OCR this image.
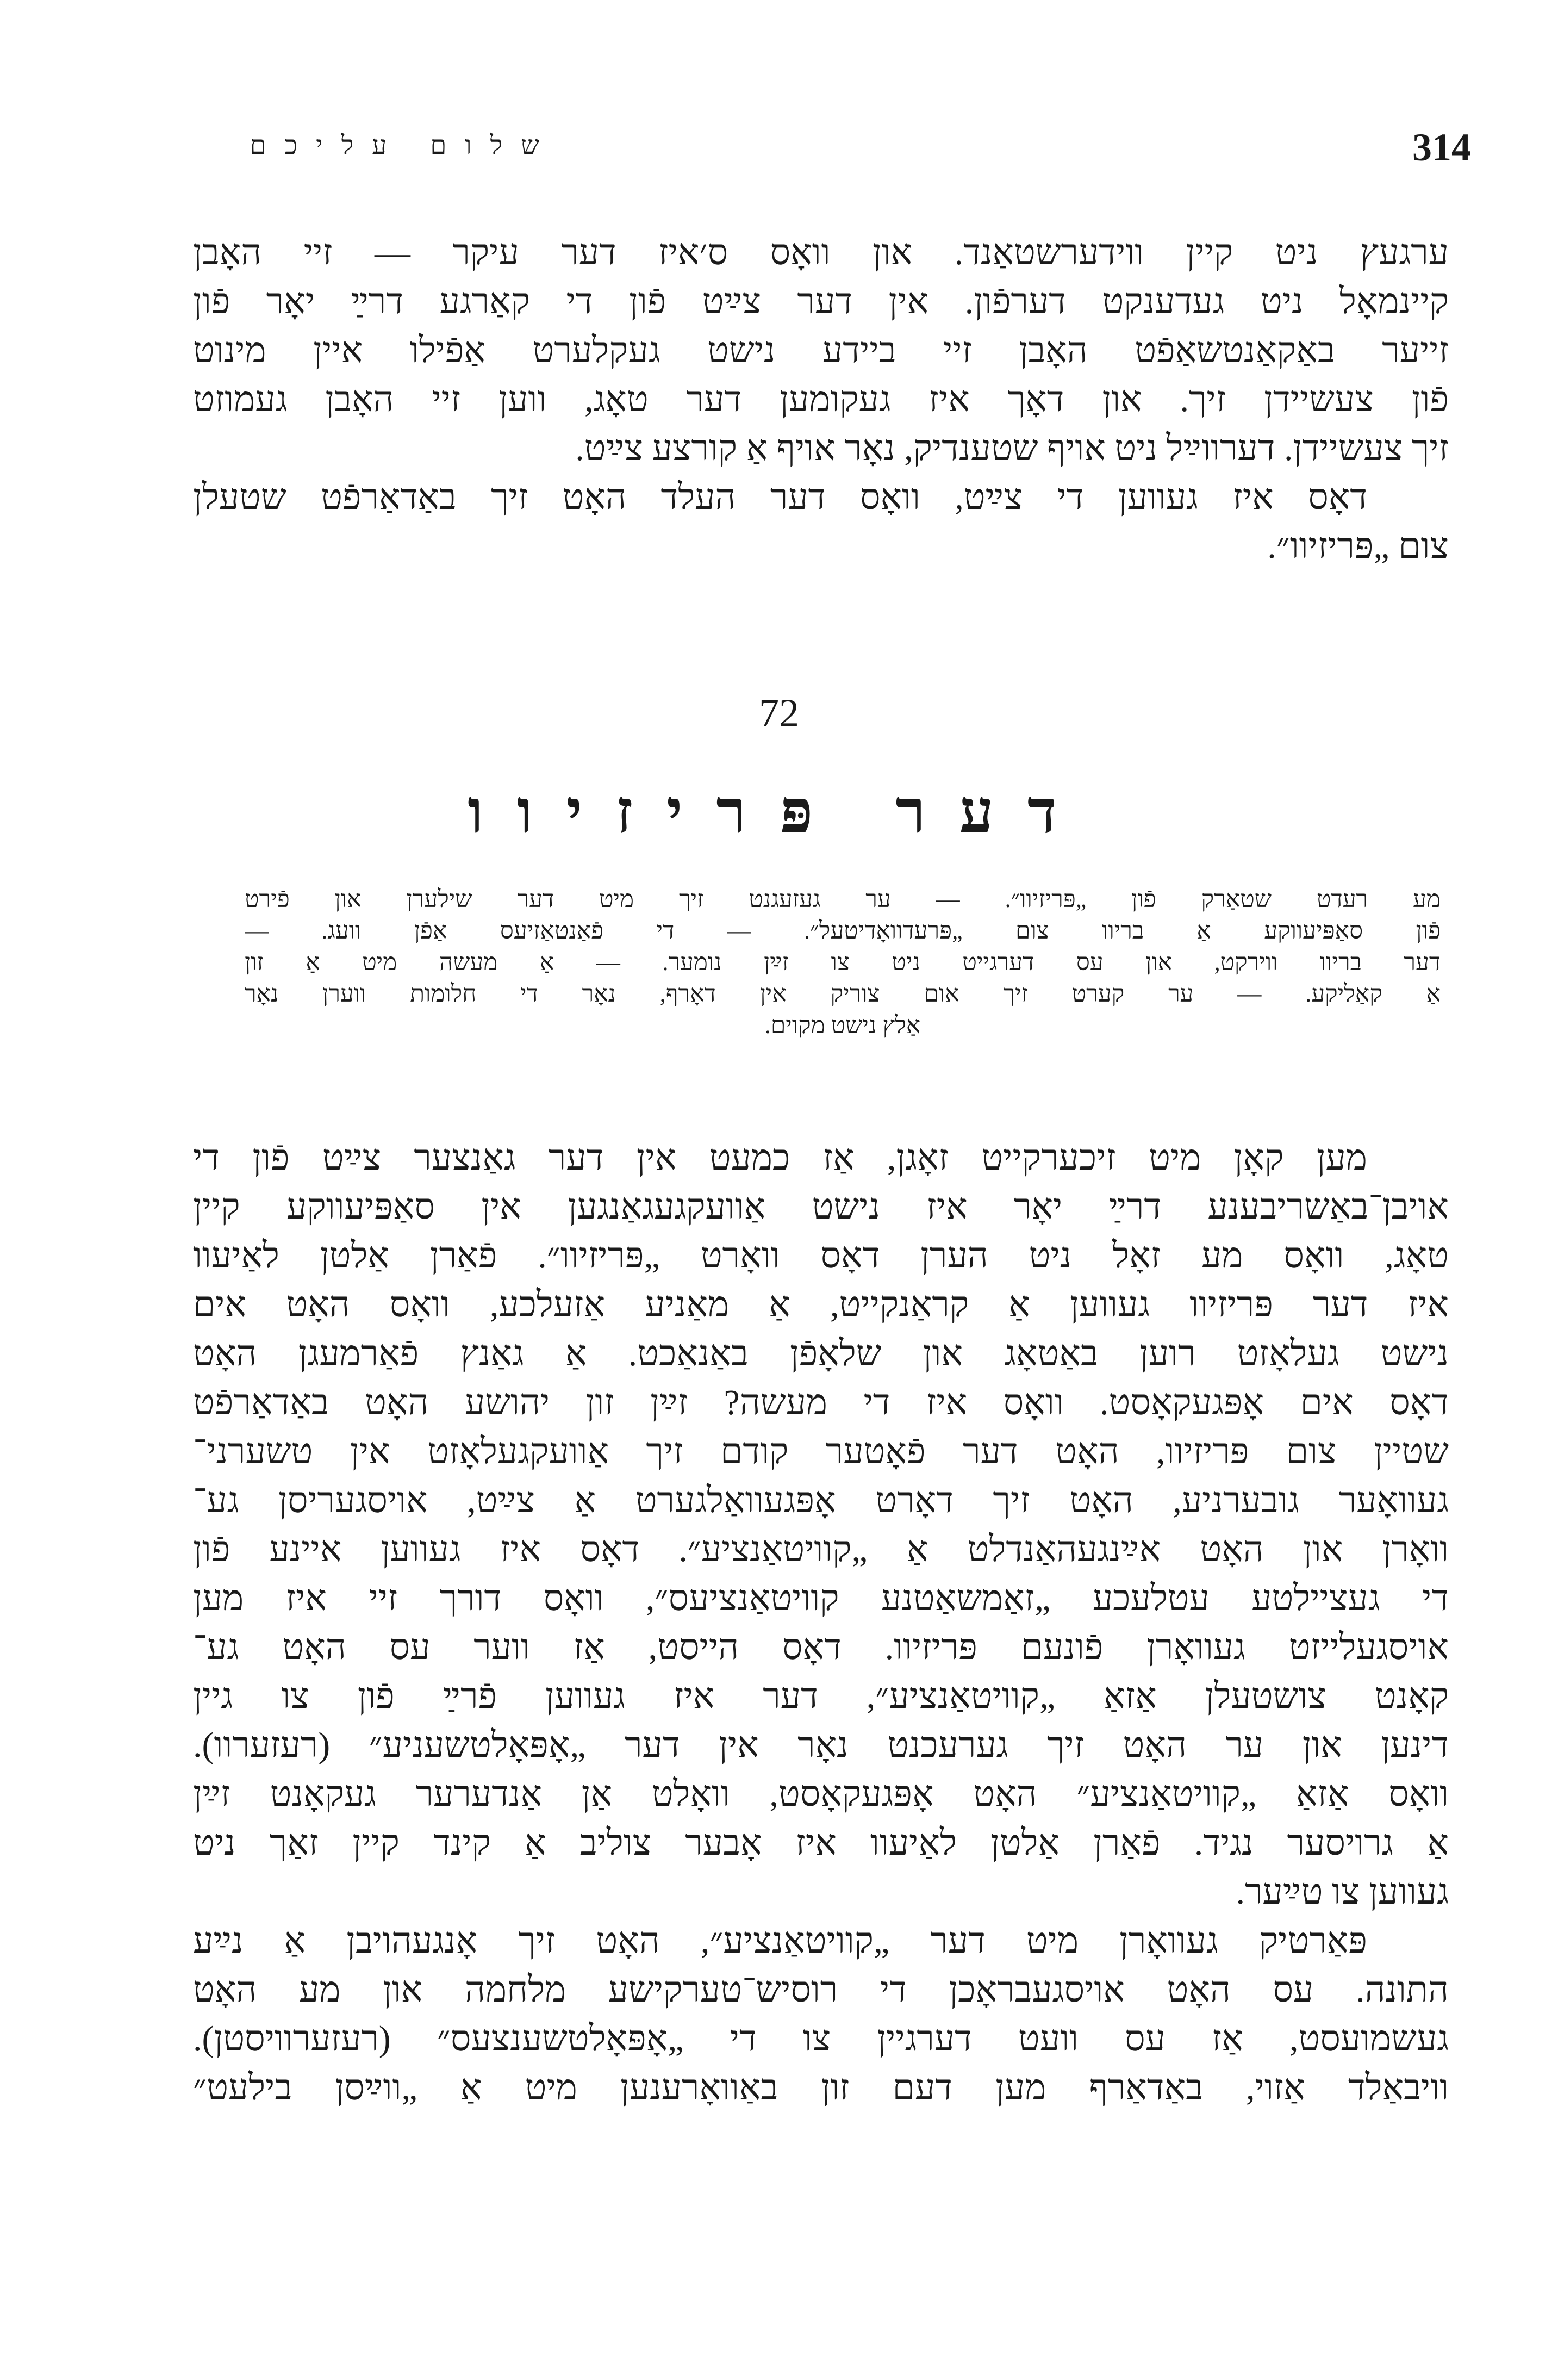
שלום עליכם	314
ערגעץ ניט קיין ווידערשטאַנד. און וואָס ס׳איז דער עיקר — זיי האָבן
קיינמאָל ניט געדענקט דערפֿון. אין דער צײַט פֿון די קאַרגע דרײַ יאָר פֿון
זייער באַקאַנטשאַפֿט האָבן זיי ביידע נישט געקלערט אַפֿילו איין מינוט
פֿון צעשיידן זיך. און דאָך איז געקומען דער טאָג, ווען זיי האָבן געמוזט
זיך צעשיידן. דערווײַל ניט אויף שטענדיק, נאָר אויף אַ קורצע צײַט.
דאָס איז געווען די צײַט, וואָס דער העלד האָט זיך באַדאַרפֿט שטעלן
צום „פּריזיוו״.
72
דער פּריזיוו
מע רעדט שטאַרק פֿון „פּריזיוו״. — ער געזעגנט זיך מיט דער שילערן און פֿירט
פֿון סאַפּיעווקע אַ בריוו צום „פּרעדוואָדיטעל״. — די פֿאַנטאַזיעס אַפֿן וועג. —
דער בריוו ווירקט, און עס דערגייט ניט צו זײַן נומער. — אַ מעשה מיט אַ זון
אַ קאַליקע. — ער קערט זיך אום צוריק אין דאָרף, נאָר די חלומות ווערן נאָר
אַלץ נישט מקוים.
מען קאָן מיט זיכערקייט זאָגן, אַז כמעט אין דער גאַנצער צײַט פֿון די
אויבן־באַשריבענע דרײַ יאָר איז נישט אַוועקגעגאַנגען אין סאַפּיעווקע קיין
טאָג, וואָס מע זאָל ניט הערן דאָס וואָרט „פּריזיוו״. פֿאַרן אַלטן לאַיעוו
איז דער פּריזיוו געווען אַ קראַנקייט, אַ מאַניע אַזעלכע, וואָס האָט אים
נישט געלאָזט רוען באַטאָג און שלאָפֿן באַנאַכט. אַ גאַנץ פֿאַרמעגן האָט
דאָס אים אָפּגעקאָסט. וואָס איז די מעשה? זײַן זון יהושע האָט באַדאַרפֿט
שטיין צום פּריזיוו, האָט דער פֿאָטער קודם זיך אַוועקגעלאָזט אין טשערני־
געוואָער גובערניע, האָט זיך דאָרט אָפּגעוואַלגערט אַ צײַט, אויסגעריסן גע־
וואָרן און האָט אײַנגעהאַנדלט אַ „קוויטאַנציע״. דאָס איז געווען איינע פֿון
די געציילטע עטלעכע „זאַמשאַטנע קוויטאַנציעס״, וואָס דורך זיי איז מען
אויסגעלייזט געוואָרן פֿונעם פּריזיוו. דאָס הייסט, אַז ווער עס האָט גע־
קאָנט צושטעלן אַזאַ „קוויטאַנציע״, דער איז געווען פֿרײַ פֿון צו גיין
דינען און ער האָט זיך גערעכנט נאָר אין דער „אָפּאָלטשעניע״ (רעזערוו).
וואָס אַזאַ „קוויטאַנציע״ האָט אָפּגעקאָסט, וואָלט אַן אַנדערער געקאָנט זײַן
אַ גרויסער נגיד. פֿאַרן אַלטן לאַיעוו איז אָבער צוליב אַ קינד קיין זאַך ניט
געווען צו טײַער.
פּאַרטיק געוואָרן מיט דער „קוויטאַנציע״, האָט זיך אָנגעהויבן אַ נײַע
התונה. עס האָט אויסגעבראָכן די רוסיש־טערקישע מלחמה און מע האָט
געשמועסט, אַז עס וועט דערגיין צו די „אָפּאָלטשענצעס״ (רעזערוויסטן).
וויבאַלד אַזוי, באַדאַרף מען דעם זון באַוואָרענען מיט אַ „ווײַסן בילעט״
